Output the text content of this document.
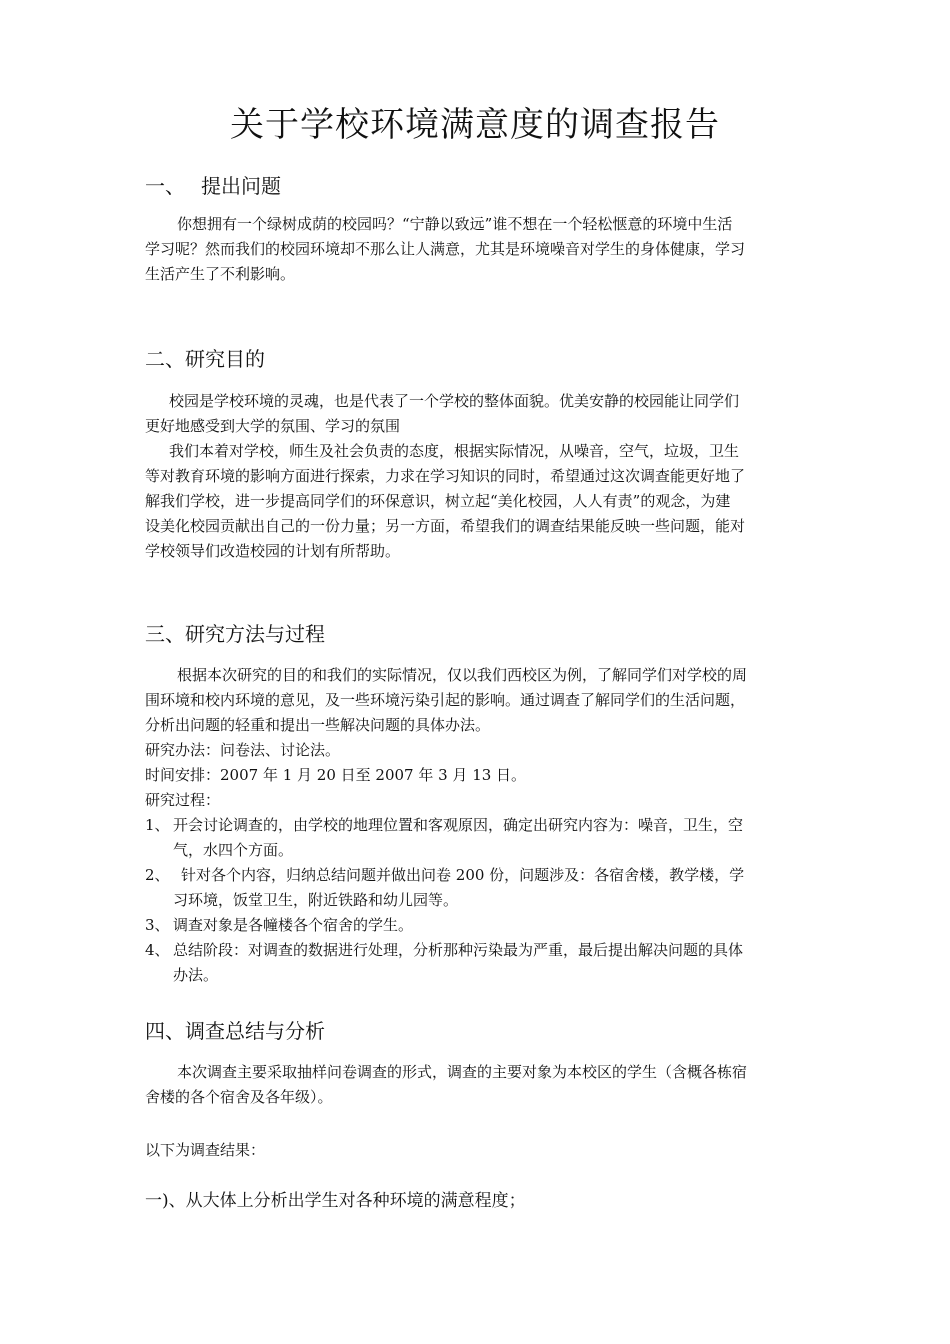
关于学校环境满意度的调查报告
一、 提出问题
你想拥有一个绿树成荫的校园吗？“宁静以致远”谁不想在一个轻松惬意的环境中生活
学习呢？然而我们的校园环境却不那么让人满意，尤其是环境噪音对学生的身体健康，学习
生活产生了不利影响。
二、研究目的
校园是学校环境的灵魂，也是代表了一个学校的整体面貌。优美安静的校园能让同学们
更好地感受到大学的氛围、学习的氛围
我们本着对学校，师生及社会负责的态度，根据实际情况，从噪音，空气，垃圾，卫生
等对教育环境的影响方面进行探索，力求在学习知识的同时，希望通过这次调查能更好地了
解我们学校，进一步提高同学们的环保意识，树立起“美化校园，人人有责”的观念，为建
设美化校园贡献出自己的一份力量；另一方面，希望我们的调查结果能反映一些问题，能对
学校领导们改造校园的计划有所帮助。
三、研究方法与过程
根据本次研究的目的和我们的实际情况，仅以我们西校区为例，了解同学们对学校的周
围环境和校内环境的意见，及一些环境污染引起的影响。通过调查了解同学们的生活问题，
分析出问题的轻重和提出一些解决问题的具体办法。
研究办法：问卷法、讨论法。
时间安排：2007 年 1 月 20 日至 2007 年 3 月 13 日。
研究过程：
1、 开会讨论调查的，由学校的地理位置和客观原因，确定出研究内容为：噪音，卫生，空
气，水四个方面。
2、 针对各个内容，归纳总结问题并做出问卷 200 份，问题涉及：各宿舍楼，教学楼，学
习环境，饭堂卫生，附近铁路和幼儿园等。
3、 调查对象是各幢楼各个宿舍的学生。
4、 总结阶段：对调查的数据进行处理，分析那种污染最为严重，最后提出解决问题的具体
办法。
四、调查总结与分析
本次调查主要采取抽样问卷调查的形式，调查的主要对象为本校区的学生（含概各栋宿
舍楼的各个宿舍及各年级）。
以下为调查结果：
一)、从大体上分析出学生对各种环境的满意程度；
